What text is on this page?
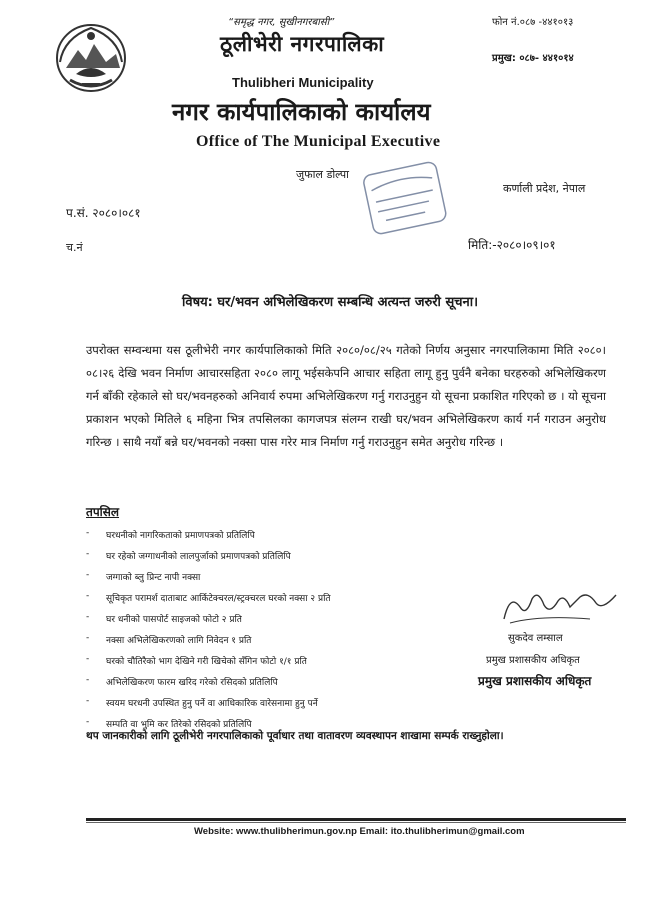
“समृद्ध नगर, सुखीनगरबासी”	फोन नं.०८७ -४४१०१३
प्रमुख: ०८७- ४४१०१४
ठूलीभेरी नगरपालिका
Thulibheri Municipality
नगर कार्यपालिकाको कार्यालय
Office of The Municipal Executive
जुफाल डोल्पा
कर्णाली प्रदेश, नेपाल
प.सं. २०८०।०८१
च.नं	मिति:-२०८०।०९।०१
विषय: घर/भवन अभिलेखिकरण सम्बन्धि अत्यन्त जरुरी सूचना।
उपरोक्त सम्वन्धमा यस ठूलीभेरी नगर कार्यपालिकाको मिति २०८०/०८/२५ गतेको निर्णय अनुसार नगरपालिकामा मिति २०८०।०८।२६ देखि भवन निर्माण आचारसहिता २०८० लागू भईसकेपनि आचार सहिता लागू हुनु पुर्वनै बनेका घरहरुको अभिलेखिकरण गर्न बाँकी रहेकाले सो घर/भवनहरुको अनिवार्य रुपमा अभिलेखिकरण गर्नु गराउनुहुन यो सूचना प्रकाशित गरिएको छ । यो सूचना प्रकाशन भएको मितिले ६ महिना भित्र तपसिलका कागजपत्र संलग्न राखी घर/भवन अभिलेखिकरण कार्य गर्न गराउन अनुरोध गरिन्छ । साथै नयाँ बन्ने घर/भवनको नक्सा पास गरेर मात्र निर्माण गर्नु गराउनुहुन समेत अनुरोध गरिन्छ ।
तपसिल
-	घरधनीको नागरिकताको प्रमाणपत्रको प्रतिलिपि
-	घर रहेको जग्गाधनीको लालपुर्जाको प्रमाणपत्रको प्रतिलिपि
-	जग्गाको ब्लु प्रिन्ट नापी नक्सा
-	सूचिकृत परामर्श दाताबाट आर्किटेक्चरल/स्ट्रक्चरल घरको नक्सा २ प्रति
-	घर धनीको पासपोर्ट साइजको फोटो २ प्रति
-	नक्सा अभिलेखिकरणको लागि निवेदन १ प्रति
-	घरको चौतिरैको भाग देखिने गरी खिचेको सँगिन फोटो १/१ प्रति
-	अभिलेखिकरण फारम खरिद गरेको रसिदको प्रतिलिपि
-	स्वयम घरधनी उपस्थित हुनु पर्ने वा आधिकारिक वारेसनामा हुनु पर्ने
-	सम्पति वा भुमि कर तिरेको रसिदको प्रतिलिपि
सुकदेव लम्साल
प्रमुख प्रशासकीय अधिकृत
प्रमुख प्रशासकीय अधिकृत
थप जानकारीको लागि ठूलीभेरी नगरपालिकाको पूर्वाधार तथा वातावरण व्यवस्थापन शाखामा सम्पर्क राख्नुहोला।
Website: www.thulibherimun.gov.np Email: ito.thulibherimun@gmail.com
